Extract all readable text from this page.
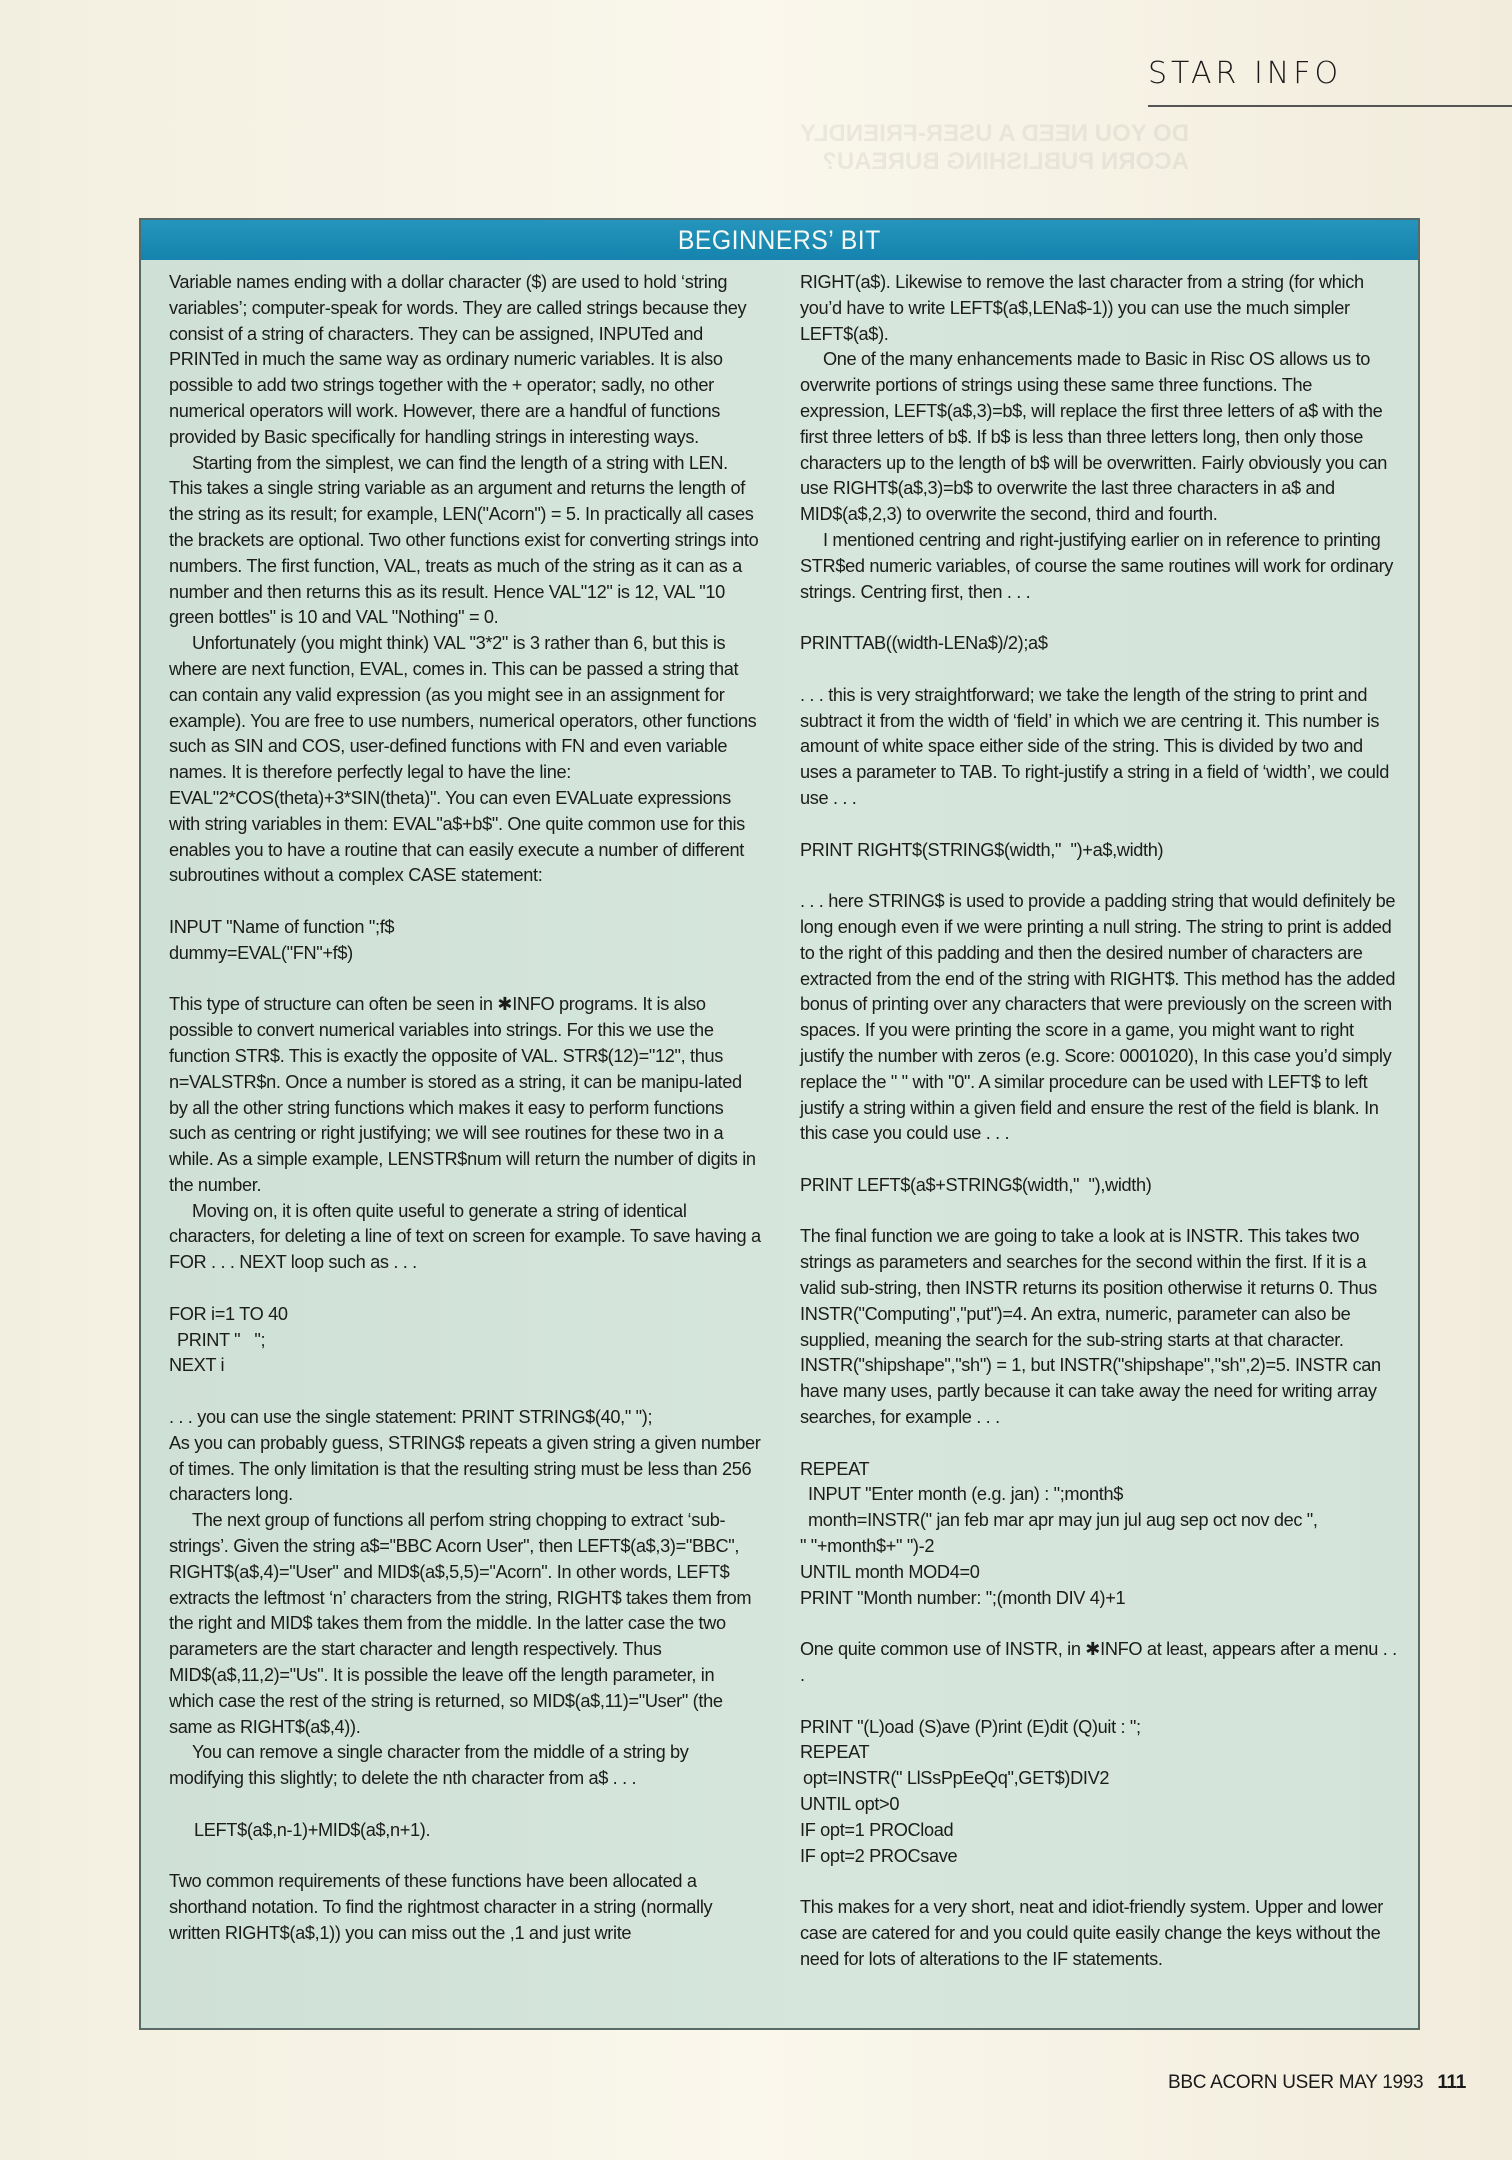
DO YOU NEED A USER-FRIENDLY
ACORN PUBLISHING BUREAU?
STAR INFO
BEGINNERS’ BIT

Variable names ending with a dollar character ($) are used to hold ‘string variables’; computer-speak for words. They are called strings because they consist of a string of characters. They can be assigned, INPUTed and PRINTed in much the same way as ordinary numeric variables. It is also possible to add two strings together with the + operator; sadly, no other numerical operators will work. However, there are a handful of functions provided by Basic specifically for handling strings in interesting ways.

Starting from the simplest, we can find the length of a string with LEN. This takes a single string variable as an argument and returns the length of the string as its result; for example, LEN("Acorn") = 5. In practically all cases the brackets are optional. Two other functions exist for converting strings into numbers. The first function, VAL, treats as much of the string as it can as a number and then returns this as its result. Hence VAL"12" is 12, VAL "10 green bottles" is 10 and VAL "Nothing" = 0.

Unfortunately (you might think) VAL "3*2" is 3 rather than 6, but this is where are next function, EVAL, comes in. This can be passed a string that can contain any valid expression (as you might see in an assignment for example). You are free to use numbers, numerical operators, other functions such as SIN and COS, user-defined functions with FN and even variable names. It is therefore perfectly legal to have the line: EVAL"2*COS(theta)+3*SIN(theta)". You can even EVALuate expressions with string variables in them: EVAL"a$+b$". One quite common use for this enables you to have a routine that can easily execute a number of different subroutines without a complex CASE statement:

INPUT "Name of function ";f$

dummy=EVAL("FN"+f$)

This type of structure can often be seen in ✱INFO programs. It is also possible to convert numerical variables into strings. For this we use the function STR$. This is exactly the opposite of VAL. STR$(12)="12", thus n=VALSTR$n. Once a number is stored as a string, it can be manipu-lated by all the other string functions which makes it easy to perform functions such as centring or right justifying; we will see routines for these two in a while. As a simple example, LENSTR$num will return the number of digits in the number.

Moving on, it is often quite useful to generate a string of identical characters, for deleting a line of text on screen for example. To save having a FOR . . . NEXT loop such as . . .

FOR i=1 TO 40

PRINT "   ";

NEXT i

. . . you can use the single statement: PRINT STRING$(40," ");

As you can probably guess, STRING$ repeats a given string a given number of times. The only limitation is that the resulting string must be less than 256 characters long.

The next group of functions all perfom string chopping to extract ‘sub-strings’. Given the string a$="BBC Acorn User", then LEFT$(a$,3)="BBC", RIGHT$(a$,4)="User" and MID$(a$,5,5)="Acorn". In other words, LEFT$ extracts the leftmost ‘n’ characters from the string, RIGHT$ takes them from the right and MID$ takes them from the middle. In the latter case the two parameters are the start character and length respectively. Thus MID$(a$,11,2)="Us". It is possible the leave off the length parameter, in which case the rest of the string is returned, so MID$(a$,11)="User" (the same as RIGHT$(a$,4)).

You can remove a single character from the middle of a string by modifying this slightly; to delete the nth character from a$ . . .

LEFT$(a$,n-1)+MID$(a$,n+1).

Two common requirements of these functions have been allocated a shorthand notation. To find the rightmost character in a string (normally written RIGHT$(a$,1)) you can miss out the ,1 and just write

RIGHT(a$). Likewise to remove the last character from a string (for which you’d have to write LEFT$(a$,LENa$-1)) you can use the much simpler LEFT$(a$).

One of the many enhancements made to Basic in Risc OS allows us to overwrite portions of strings using these same three functions. The expression, LEFT$(a$,3)=b$, will replace the first three letters of a$ with the first three letters of b$. If b$ is less than three letters long, then only those characters up to the length of b$ will be overwritten. Fairly obviously you can use RIGHT$(a$,3)=b$ to overwrite the last three characters in a$ and MID$(a$,2,3) to overwrite the second, third and fourth.

I mentioned centring and right-justifying earlier on in reference to printing STR$ed numeric variables, of course the same routines will work for ordinary strings. Centring first, then . . .

PRINTTAB((width-LENa$)/2);a$

. . . this is very straightforward; we take the length of the string to print and subtract it from the width of ‘field’ in which we are centring it. This number is amount of white space either side of the string. This is divided by two and uses a parameter to TAB. To right-justify a string in a field of ‘width’, we could use . . .

PRINT RIGHT$(STRING$(width,"  ")+a$,width)

. . . here STRING$ is used to provide a padding string that would definitely be long enough even if we were printing a null string. The string to print is added to the right of this padding and then the desired number of characters are extracted from the end of the string with RIGHT$. This method has the added bonus of printing over any characters that were previously on the screen with spaces. If you were printing the score in a game, you might want to right justify the number with zeros (e.g. Score: 0001020), In this case you’d simply replace the " " with "0". A similar procedure can be used with LEFT$ to left justify a string within a given field and ensure the rest of the field is blank. In this case you could use . . .

PRINT LEFT$(a$+STRING$(width,"  "),width)

The final function we are going to take a look at is INSTR. This takes two strings as parameters and searches for the second within the first. If it is a valid sub-string, then INSTR returns its position otherwise it returns 0. Thus INSTR("Computing","put")=4. An extra, numeric, parameter can also be supplied, meaning the search for the sub-string starts at that character. INSTR("shipshape","sh") = 1, but INSTR("shipshape","sh",2)=5. INSTR can have many uses, partly because it can take away the need for writing array searches, for example . . .

REPEAT

INPUT "Enter month (e.g. jan) : ";month$

month=INSTR(" jan feb mar apr may jun jul aug sep oct nov dec ",

" "+month$+" ")-2

UNTIL month MOD4=0

PRINT "Month number: ";(month DIV 4)+1

One quite common use of INSTR, in ✱INFO at least, appears after a menu . . .

PRINT "(L)oad (S)ave (P)rint (E)dit (Q)uit : ";

REPEAT

opt=INSTR(" LlSsPpEeQq",GET$)DIV2

UNTIL opt>0

IF opt=1 PROCload

IF opt=2 PROCsave

This makes for a very short, neat and idiot-friendly system. Upper and lower case are catered for and you could quite easily change the keys without the need for lots of alterations to the IF statements.

BBC ACORN USER MAY 1993 111
